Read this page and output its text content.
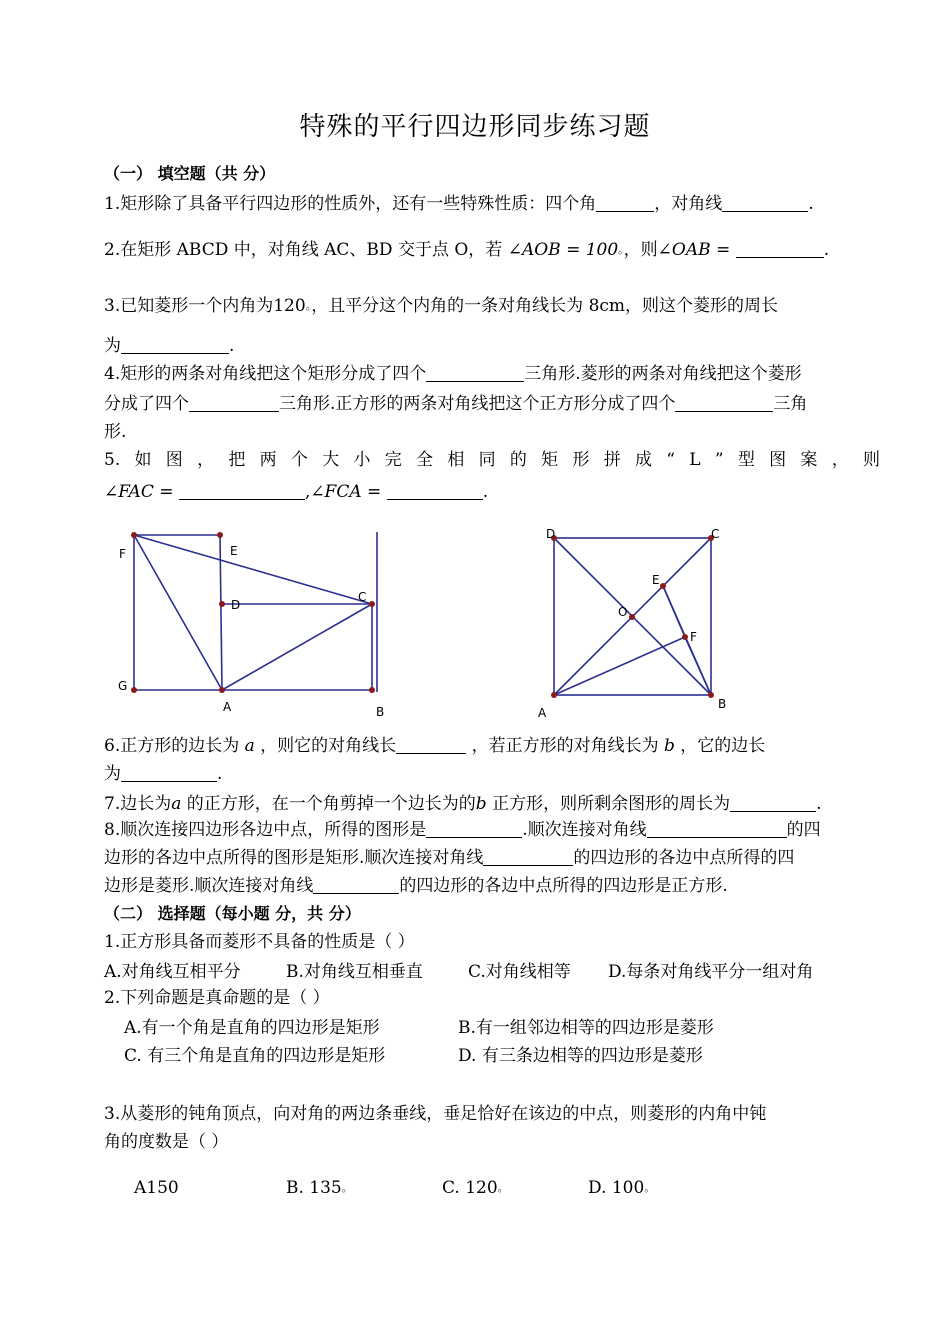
特殊的平行四边形同步练习题
（一） 填空题（共 分）
1.矩形除了具备平行四边形的性质外，还有一些特殊性质：四个角	，对角线	.
2.在矩形 ABCD 中，对角线 AC、BD 交于点 O，若 ∠AOB = 100。，则∠OAB =	.
3.已知菱形一个内角为120。，且平分这个内角的一条对角线长为 8cm，则这个菱形的周长
为	.
4.矩形的两条对角线把这个矩形分成了四个	三角形.菱形的两条对角线把这个菱形
分成了四个	三角形.正方形的两条对角线把这个正方形分成了四个	三角
形.
5. 如 图 ， 把 两 个 大 小 完 全 相 同 的 矩 形 拼 成 “ L ” 型 图 案 ， 则
∠FAC =	,∠FCA =	.
F	E
D
C
G
A	B
D	C
E
O
F
A
B
6.正方形的边长为 a ，则它的对角线长	，若正方形的对角线长为 b ，它的边长
为	.
7.边长为a 的正方形，在一个角剪掉一个边长为的b 正方形，则所剩余图形的周长为	.
8.顺次连接四边形各边中点，所得的图形是	.顺次连接对角线	的四
边形的各边中点所得的图形是矩形.顺次连接对角线	的四边形的各边中点所得的四
边形是菱形.顺次连接对角线	的四边形的各边中点所得的四边形是正方形.
（二） 选择题（每小题 分，共 分）
1.正方形具备而菱形不具备的性质是（ ）
A.对角线互相平分	B.对角线互相垂直	C.对角线相等 D.每条对角线平分一组对角
2.下列命题是真命题的是（ ）
A.有一个角是直角的四边形是矩形	B.有一组邻边相等的四边形是菱形
C. 有三个角是直角的四边形是矩形	D. 有三条边相等的四边形是菱形
3.从菱形的钝角顶点，向对角的两边条垂线，垂足恰好在该边的中点，则菱形的内角中钝
角的度数是（ ）
A150	B. 135。	C. 120。	D. 100。
